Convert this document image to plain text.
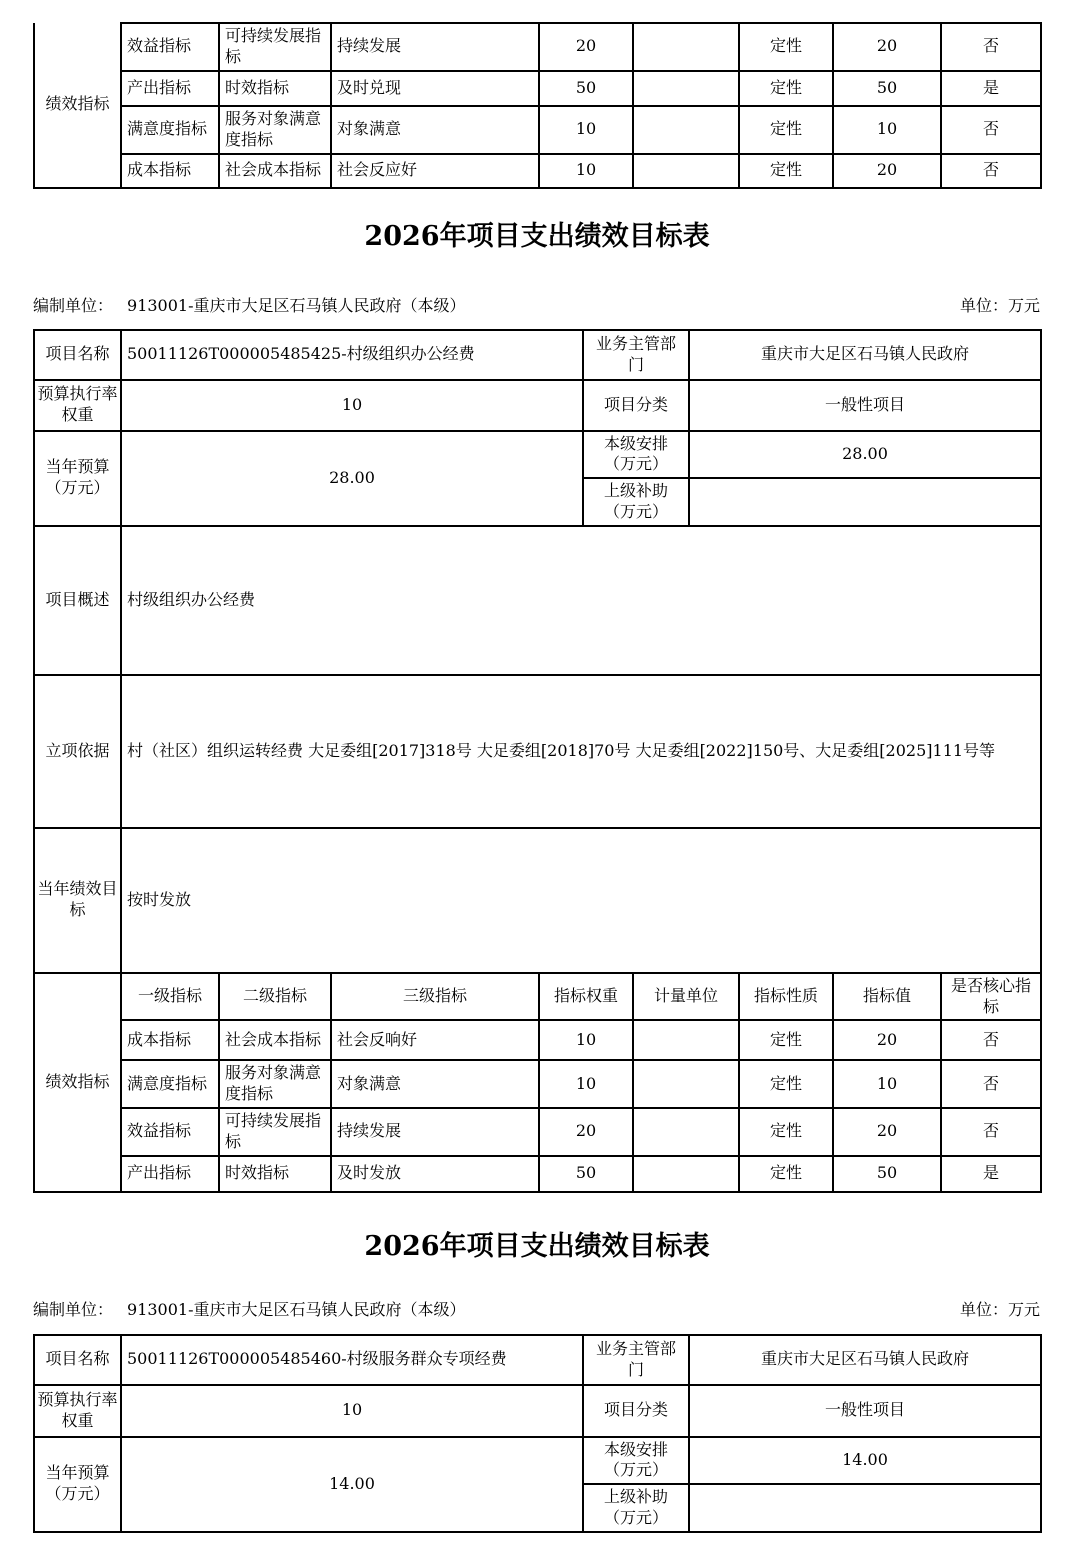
绩效指标	效益指标	可持续发展指标	持续发展	20		定性	20	否
	产出指标	时效指标	及时兑现	50		定性	50	是
	满意度指标	服务对象满意度指标	对象满意	10		定性	10	否
	成本指标	社会成本指标	社会反应好	10		定性	20	否
2026年项目支出绩效目标表
编制单位： 913001-重庆市大足区石马镇人民政府（本级）	单位：万元
项目名称	50011126T000005485425-村级组织办公经费	业务主管部门	重庆市大足区石马镇人民政府
预算执行率权重	10	项目分类	一般性项目
当年预算（万元）	28.00	本级安排（万元）	28.00
		上级补助（万元）	
项目概述	村级组织办公经费		
立项依据	村（社区）组织运转经费 大足委组[2017]318号 大足委组[2018]70号 大足委组[2022]150号、大足委组[2025]111号等		
当年绩效目标	按时发放		
绩效指标	一级指标	二级指标	三级指标	指标权重	计量单位	指标性质	指标值	是否核心指标
	成本指标	社会成本指标	社会反响好	10		定性	20	否
	满意度指标	服务对象满意度指标	对象满意	10		定性	10	否
	效益指标	可持续发展指标	持续发展	20		定性	20	否
	产出指标	时效指标	及时发放	50		定性	50	是
2026年项目支出绩效目标表
编制单位： 913001-重庆市大足区石马镇人民政府（本级）	单位：万元
项目名称	50011126T000005485460-村级服务群众专项经费	业务主管部门	重庆市大足区石马镇人民政府
预算执行率权重	10	项目分类	一般性项目
当年预算（万元）	14.00	本级安排（万元）	14.00
		上级补助（万元）	
